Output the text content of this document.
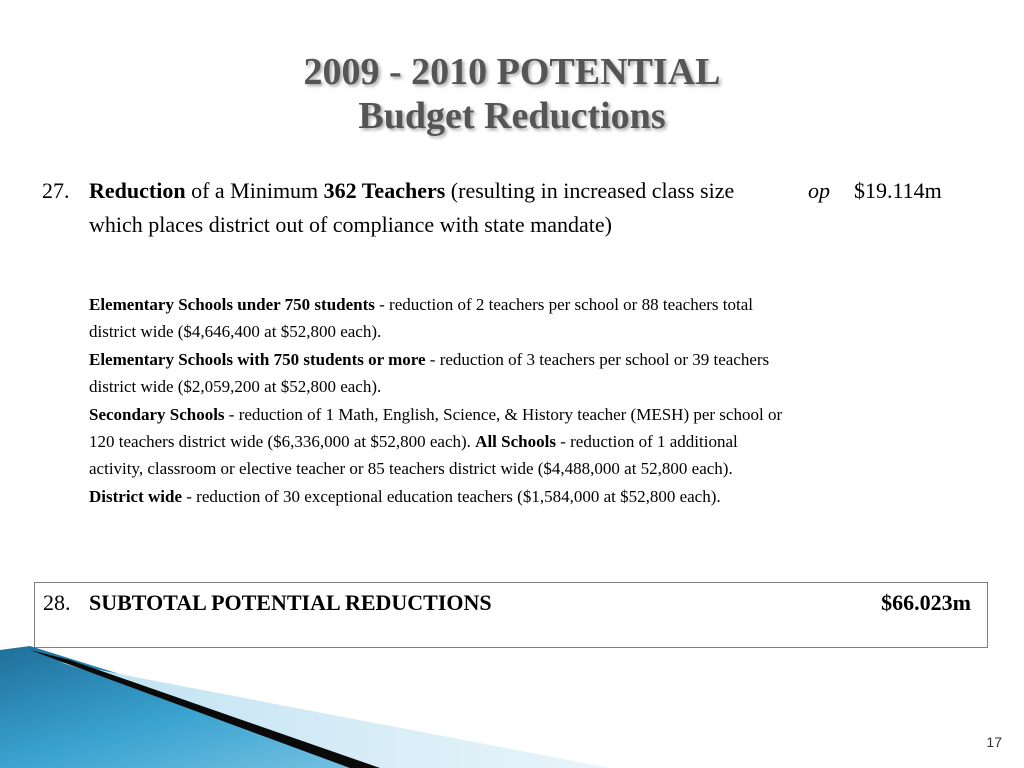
2009 - 2010 POTENTIAL
Budget Reductions
27. Reduction of a Minimum 362 Teachers (resulting in increased class size which places district out of compliance with state mandate)
op $19.114m
Elementary Schools under 750 students - reduction of 2 teachers per school or 88 teachers total district wide ($4,646,400 at $52,800 each).
Elementary Schools with 750 students or more - reduction of 3 teachers per school or 39 teachers district wide ($2,059,200 at $52,800 each).
Secondary Schools - reduction of 1 Math, English, Science, & History teacher (MESH) per school or 120 teachers district wide ($6,336,000 at $52,800 each). All Schools - reduction of 1 additional activity, classroom or elective teacher or 85 teachers district wide ($4,488,000 at 52,800 each).
District wide - reduction of 30 exceptional education teachers ($1,584,000 at $52,800 each).
28. SUBTOTAL POTENTIAL REDUCTIONS	$66.023m
17
